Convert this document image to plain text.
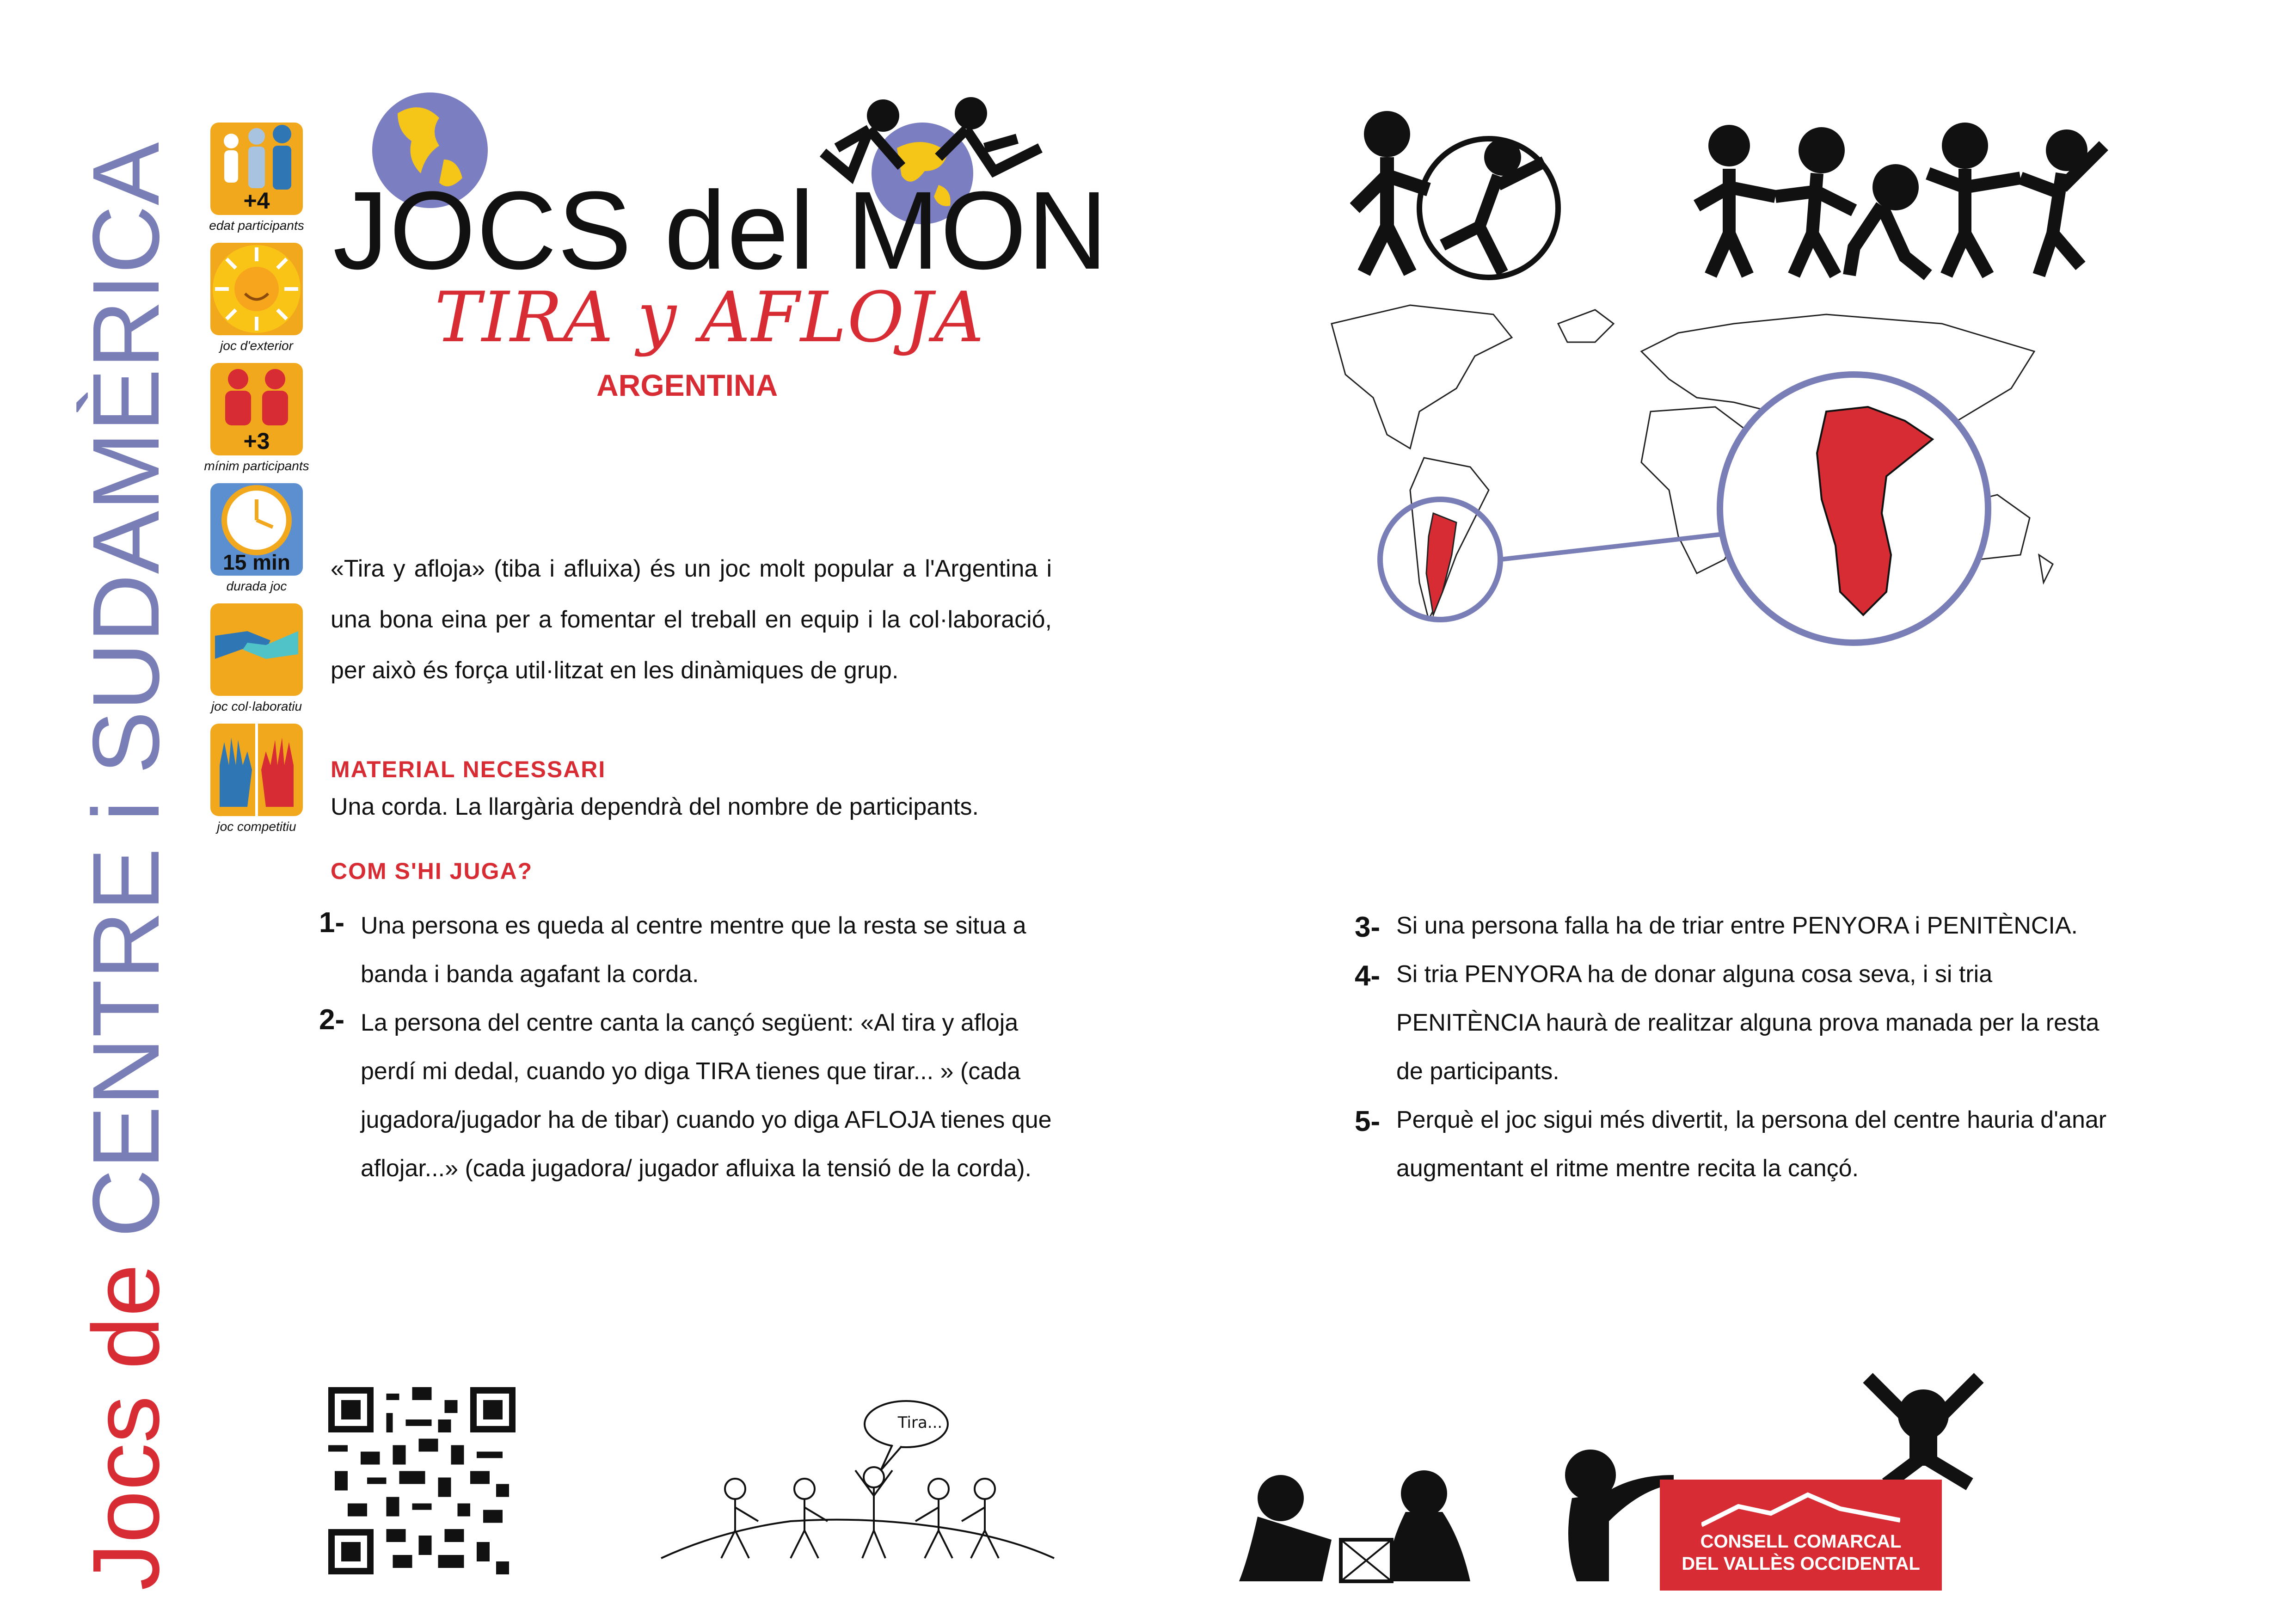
Jocs de CENTRE i SUDAMÈRICA	+4
edat participants
joc d'exterior
+3
mínim participants
15 min
durada joc
joc col·laboratiu
joc competitiu
JOCS del MON
TIRA y AFLOJA
ARGENTINA
«Tira y afloja» (tiba i afluixa) és un joc molt popular a l'Argentina i una bona eina per a fomentar el treball en equip i la col·laboració, per això és força util·litzat en les dinàmiques de grup.
MATERIAL NECESSARI
Una corda. La llargària dependrà del nombre de participants.
COM S'HI JUGA?
1- Una persona es queda al centre mentre que la resta se situa a banda i banda agafant la corda.
2- La persona del centre canta la cançó següent: «Al tira y afloja perdí mi dedal, cuando yo diga TIRA tienes que tirar... » (cada jugadora/jugador ha de tibar) cuando yo diga AFLOJA tienes que aflojar...» (cada jugadora/ jugador afluixa la tensió de la corda).
3- Si una persona falla ha de triar entre PENYORA i PENITÈNCIA.
4- Si tria PENYORA ha de donar alguna cosa seva, i si tria PENITÈNCIA haurà de realitzar alguna prova manada per la resta de participants.
5- Perquè el joc sigui més divertit, la persona del centre hauria d'anar augmentant el ritme mentre recita la cançó.
Tira...
CONSELL COMARCAL
DEL VALLÈS OCCIDENTAL
